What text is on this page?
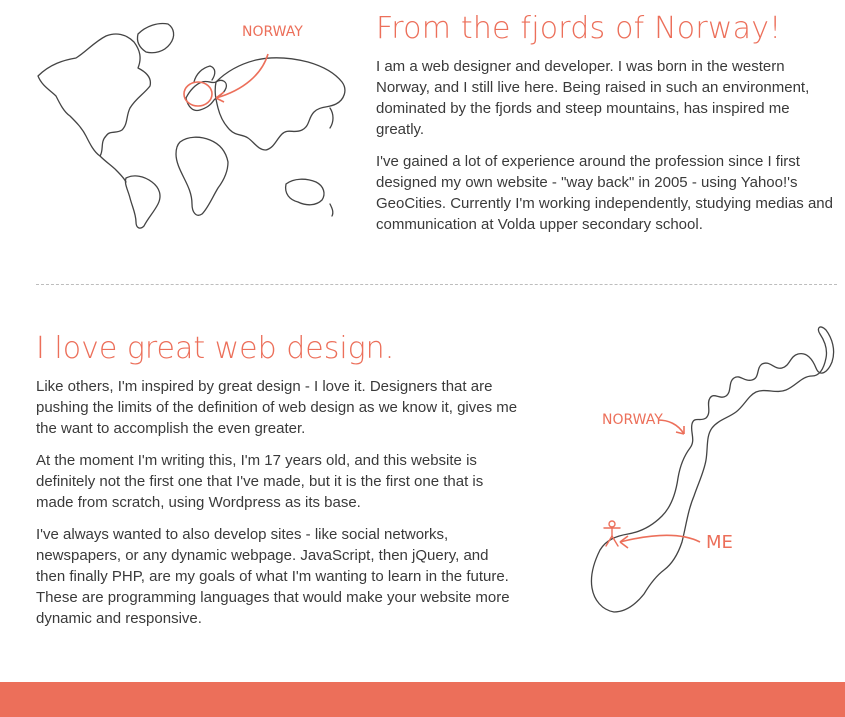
NORWAY From the fjords of Norway!

I am a web designer and developer. I was born in the western Norway, and I still live here. Being raised in such an environment, dominated by the fjords and steep mountains, has inspired me greatly.

I've gained a lot of experience around the profession since I first designed my own website - "way back" in 2005 - using Yahoo!'s GeoCities. Currently I'm working independently, studying medias and communication at Volda upper secondary school.

I love great web design.

Like others, I'm inspired by great design - I love it. Designers that are pushing the limits of the definition of web design as we know it, gives me the want to accomplish the even greater.

At the moment I'm writing this, I'm 17 years old, and this website is definitely not the first one that I've made, but it is the first one that is made from scratch, using Wordpress as its base.

I've always wanted to also develop sites - like social networks, newspapers, or any dynamic webpage. JavaScript, then jQuery, and then finally PHP, are my goals of what I'm wanting to learn in the future. These are programming languages that would make your website more dynamic and responsive.

NORWAY
ME
